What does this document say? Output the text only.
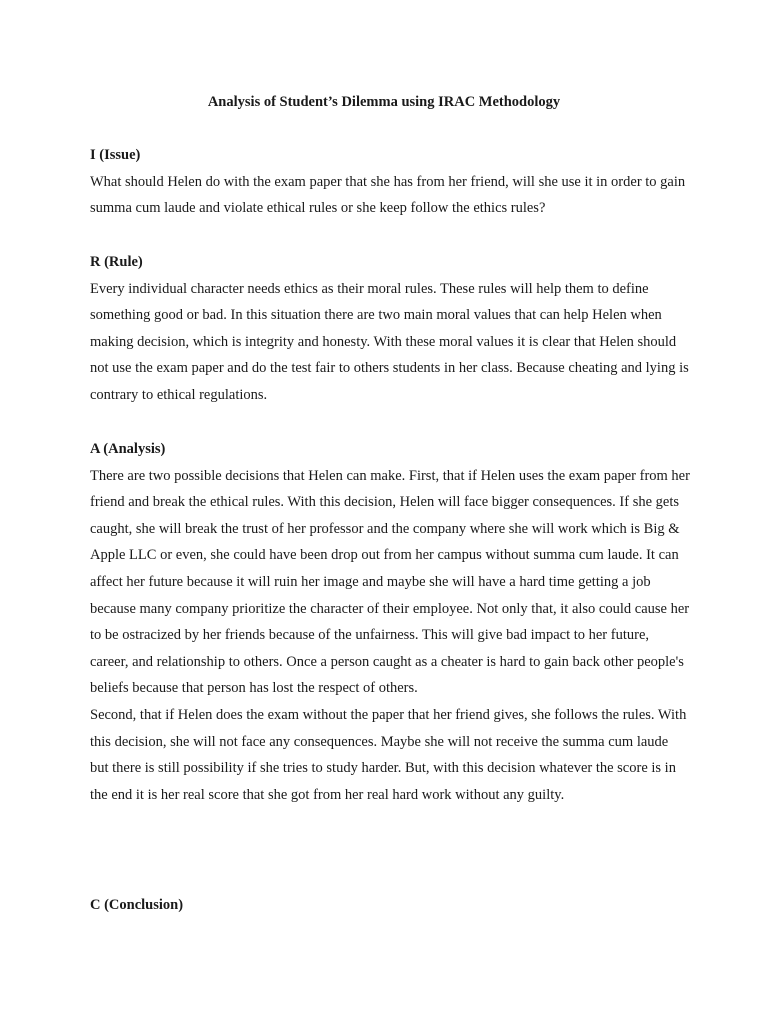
Analysis of Student’s Dilemma using IRAC Methodology

I (Issue)

What should Helen do with the exam paper that she has from her friend, will she use it in order to gain summa cum laude and violate ethical rules or she keep follow the ethics rules?

R (Rule)

Every individual character needs ethics as their moral rules. These rules will help them to define something good or bad. In this situation there are two main moral values that can help Helen when making decision, which is integrity and honesty. With these moral values it is clear that Helen should not use the exam paper and do the test fair to others students in her class. Because cheating and lying is contrary to ethical regulations.

A (Analysis)

There are two possible decisions that Helen can make. First, that if Helen uses the exam paper from her friend and break the ethical rules. With this decision, Helen will face bigger consequences. If she gets caught, she will break the trust of her professor and the company where she will work which is Big & Apple LLC or even, she could have been drop out from her campus without summa cum laude. It can affect her future because it will ruin her image and maybe she will have a hard time getting a job because many company prioritize the character of their employee. Not only that, it also could cause her to be ostracized by her friends because of the unfairness. This will give bad impact to her future, career, and relationship to others. Once a person caught as a cheater is hard to gain back other people's beliefs because that person has lost the respect of others.

Second, that if Helen does the exam without the paper that her friend gives, she follows the rules. With this decision, she will not face any consequences. Maybe she will not receive the summa cum laude but there is still possibility if she tries to study harder. But, with this decision whatever the score is in the end it is her real score that she got from her real hard work without any guilty.

C (Conclusion)
